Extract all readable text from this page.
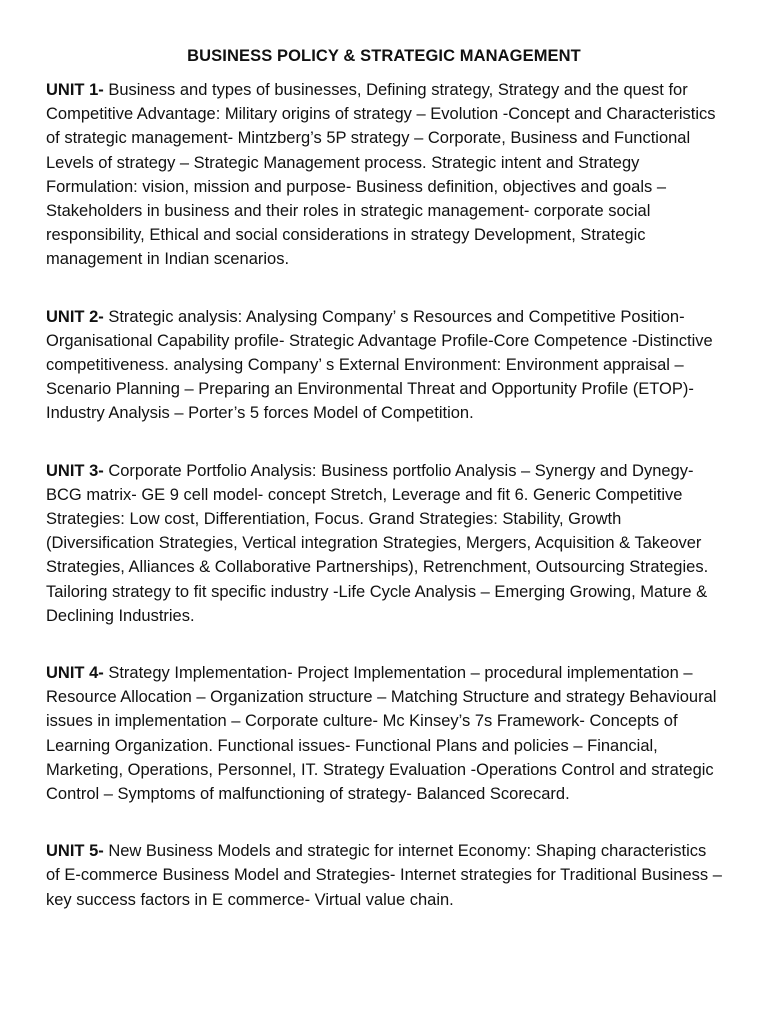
BUSINESS POLICY & STRATEGIC MANAGEMENT

UNIT 1- Business and types of businesses, Defining strategy, Strategy and the quest for Competitive Advantage: Military origins of strategy – Evolution -Concept and Characteristics of strategic management- Mintzberg’s 5P strategy – Corporate, Business and Functional Levels of strategy – Strategic Management process. Strategic intent and Strategy Formulation: vision, mission and purpose- Business definition, objectives and goals – Stakeholders in business and their roles in strategic management- corporate social responsibility, Ethical and social considerations in strategy Development, Strategic management in Indian scenarios.

UNIT 2- Strategic analysis: Analysing Company’ s Resources and Competitive Position- Organisational Capability profile- Strategic Advantage Profile-Core Competence -Distinctive competitiveness. analysing Company’ s External Environment: Environment appraisal – Scenario Planning – Preparing an Environmental Threat and Opportunity Profile (ETOP)- Industry Analysis – Porter’s 5 forces Model of Competition.

UNIT 3- Corporate Portfolio Analysis: Business portfolio Analysis – Synergy and Dynegy- BCG matrix- GE 9 cell model- concept Stretch, Leverage and fit 6. Generic Competitive Strategies: Low cost, Differentiation, Focus. Grand Strategies: Stability, Growth (Diversification Strategies, Vertical integration Strategies, Mergers, Acquisition & Takeover Strategies, Alliances & Collaborative Partnerships), Retrenchment, Outsourcing Strategies. Tailoring strategy to fit specific industry -Life Cycle Analysis – Emerging Growing, Mature & Declining Industries.

UNIT 4- Strategy Implementation- Project Implementation – procedural implementation – Resource Allocation – Organization structure – Matching Structure and strategy Behavioural issues in implementation – Corporate culture- Mc Kinsey’s 7s Framework- Concepts of Learning Organization. Functional issues- Functional Plans and policies – Financial, Marketing, Operations, Personnel, IT. Strategy Evaluation -Operations Control and strategic Control – Symptoms of malfunctioning of strategy- Balanced Scorecard.

UNIT 5- New Business Models and strategic for internet Economy: Shaping characteristics of E-commerce Business Model and Strategies- Internet strategies for Traditional Business – key success factors in E commerce- Virtual value chain.
